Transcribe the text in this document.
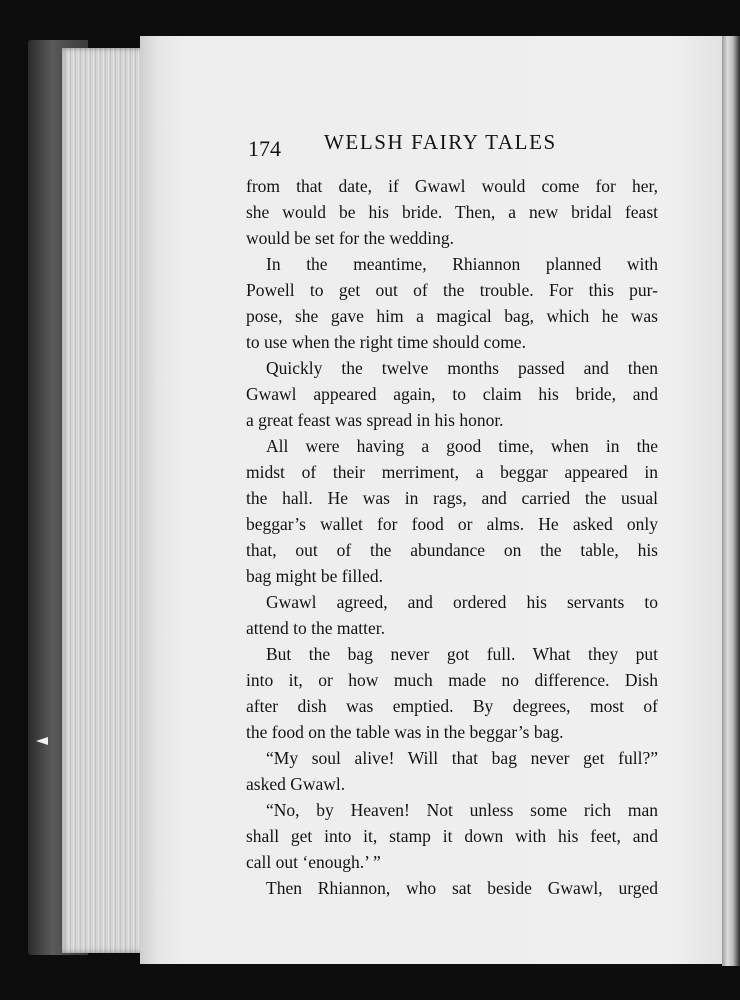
174 WELSH FAIRY TALES
from that date, if Gwawl would come for her,
she would be his bride. Then, a new bridal feast
would be set for the wedding.
In the meantime, Rhiannon planned with
Powell to get out of the trouble. For this pur-
pose, she gave him a magical bag, which he was
to use when the right time should come.
Quickly the twelve months passed and then
Gwawl appeared again, to claim his bride, and
a great feast was spread in his honor.
All were having a good time, when in the
midst of their merriment, a beggar appeared in
the hall. He was in rags, and carried the usual
beggar’s wallet for food or alms. He asked only
that, out of the abundance on the table, his
bag might be filled.
Gwawl agreed, and ordered his servants to
attend to the matter.
But the bag never got full. What they put
into it, or how much made no difference. Dish
after dish was emptied. By degrees, most of
the food on the table was in the beggar’s bag.
“My soul alive! Will that bag never get full?”
asked Gwawl.
“No, by Heaven! Not unless some rich man
shall get into it, stamp it down with his feet, and
call out ‘enough.’ ”
Then Rhiannon, who sat beside Gwawl, urged
